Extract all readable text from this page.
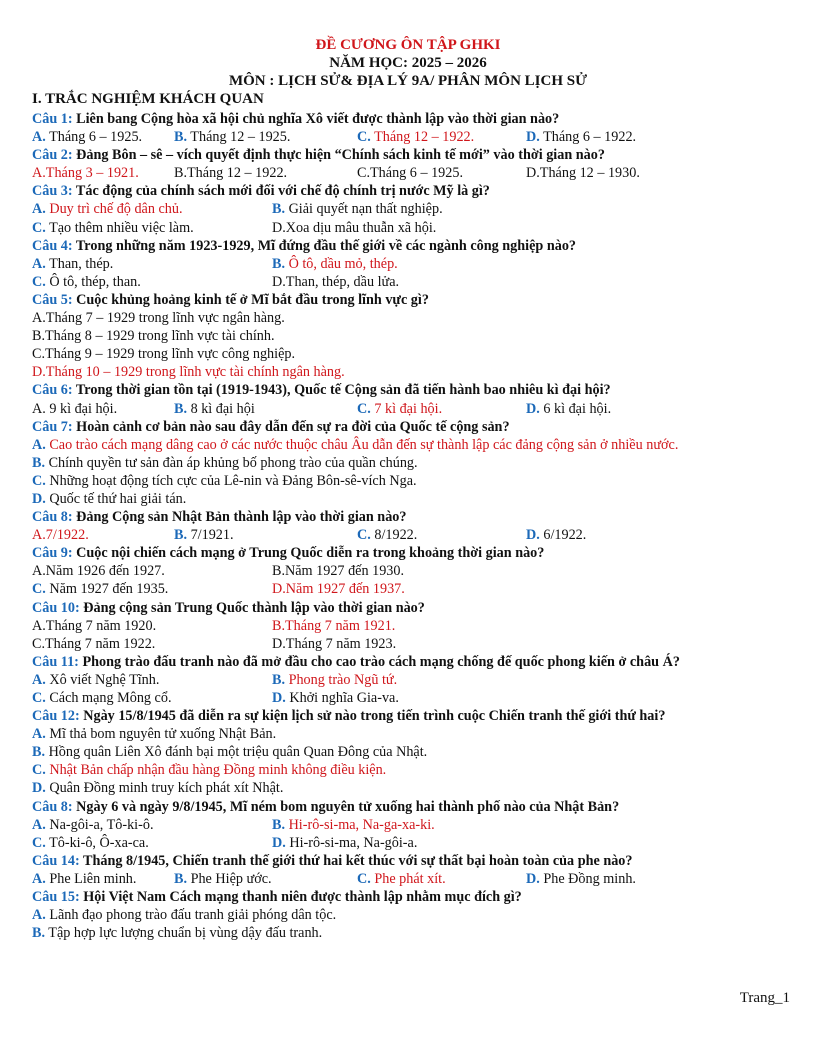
ĐỀ CƯƠNG ÔN TẬP GHKI

NĂM HỌC: 2025 – 2026

MÔN : LỊCH SỬ& ĐỊA LÝ 9A/ PHÂN MÔN LỊCH SỬ

I. TRẮC NGHIỆM KHÁCH QUAN

Câu 1: Liên bang Cộng hòa xã hội chủ nghĩa Xô viết được thành lập vào thời gian nào?
A. Tháng 6 – 1925. B. Tháng 12 – 1925.	C. Tháng 12 – 1922.	D. Tháng 6 – 1922.
Câu 2: Đảng Bôn – sê – vích quyết định thực hiện “Chính sách kinh tế mới” vào thời gian nào?
A.Tháng 3 – 1921. B.Tháng 12 – 1922.	C.Tháng 6 – 1925.	D.Tháng 12 – 1930.
Câu 3: Tác động của chính sách mới đối với chế độ chính trị nước Mỹ là gì?
A. Duy trì chế độ dân chủ.	B. Giải quyết nạn thất nghiệp.
C. Tạo thêm nhiều việc làm.	D.Xoa dịu mâu thuẫn xã hội.
Câu 4: Trong những năm 1923-1929, Mĩ đứng đầu thế giới về các ngành công nghiệp nào?
A. Than, thép.	B. Ô tô, dầu mỏ, thép.
C. Ô tô, thép, than.	D.Than, thép, dầu lửa.
Câu 5: Cuộc khủng hoảng kinh tế ở Mĩ bắt đầu trong lĩnh vực gì?
A.Tháng 7 – 1929 trong lĩnh vực ngân hàng.
B.Tháng 8 – 1929 trong lĩnh vực tài chính.
C.Tháng 9 – 1929 trong lĩnh vực công nghiệp.
D.Tháng 10 – 1929 trong lĩnh vực tài chính ngân hàng.
Câu 6: Trong thời gian tồn tại (1919-1943), Quốc tế Cộng sản đã tiến hành bao nhiêu kì đại hội?
A. 9 kì đại hội.	B. 8 kì đại hội	C. 7 kì đại hội.	D. 6 kì đại hội.
Câu 7: Hoàn cảnh cơ bản nào sau đây dẫn đến sự ra đời của Quốc tế cộng sản?
A. Cao trào cách mạng dâng cao ở các nước thuộc châu Âu dẫn đến sự thành lập các đảng cộng sản ở nhiều nước.
B. Chính quyền tư sản đàn áp khủng bố phong trào của quần chúng.
C. Những hoạt động tích cực của Lê-nin và Đảng Bôn-sê-vích Nga.
D. Quốc tế thứ hai giải tán.
Câu 8: Đảng Cộng sản Nhật Bản thành lập vào thời gian nào?
A.7/1922.	B. 7/1921.	C. 8/1922.	D. 6/1922.
Câu 9: Cuộc nội chiến cách mạng ở Trung Quốc diễn ra trong khoảng thời gian nào?
A.Năm 1926 đến 1927.	B.Năm 1927 đến 1930.
C. Năm 1927 đến 1935.	D.Năm 1927 đến 1937.
Câu 10: Đảng cộng sản Trung Quốc thành lập vào thời gian nào?
A.Tháng 7 năm 1920.	B.Tháng 7 năm 1921.
C.Tháng 7 năm 1922.	D.Tháng 7 năm 1923.
Câu 11: Phong trào đấu tranh nào đã mở đầu cho cao trào cách mạng chống đế quốc phong kiến ở châu Á?
A. Xô viết Nghệ Tĩnh.	B. Phong trào Ngũ tứ.
C. Cách mạng Mông cổ.	D. Khởi nghĩa Gia-va.
Câu 12: Ngày 15/8/1945 đã diễn ra sự kiện lịch sử nào trong tiến trình cuộc Chiến tranh thế giới thứ hai?
A. Mĩ thả bom nguyên tử xuống Nhật Bản.
B. Hồng quân Liên Xô đánh bại một triệu quân Quan Đông của Nhật.
C. Nhật Bản chấp nhận đầu hàng Đồng minh không điều kiện.
D. Quân Đồng minh truy kích phát xít Nhật.
Câu 8: Ngày 6 và ngày 9/8/1945, Mĩ ném bom nguyên tử xuống hai thành phố nào của Nhật Bản?
A. Na-gôi-a, Tô-ki-ô.	B. Hi-rô-si-ma, Na-ga-xa-ki.
C. Tô-ki-ô, Ô-xa-ca.	D. Hi-rô-si-ma, Na-gôi-a.
Câu 14: Tháng 8/1945, Chiến tranh thế giới thứ hai kết thúc với sự thất bại hoàn toàn của phe nào?
A. Phe Liên minh.	B. Phe Hiệp ước.	C. Phe phát xít.	D. Phe Đồng minh.
Câu 15: Hội Việt Nam Cách mạng thanh niên được thành lập nhằm mục đích gì?
A. Lãnh đạo phong trào đấu tranh giải phóng dân tộc.
B. Tập hợp lực lượng chuẩn bị vùng dậy đấu tranh.
Trang_1
